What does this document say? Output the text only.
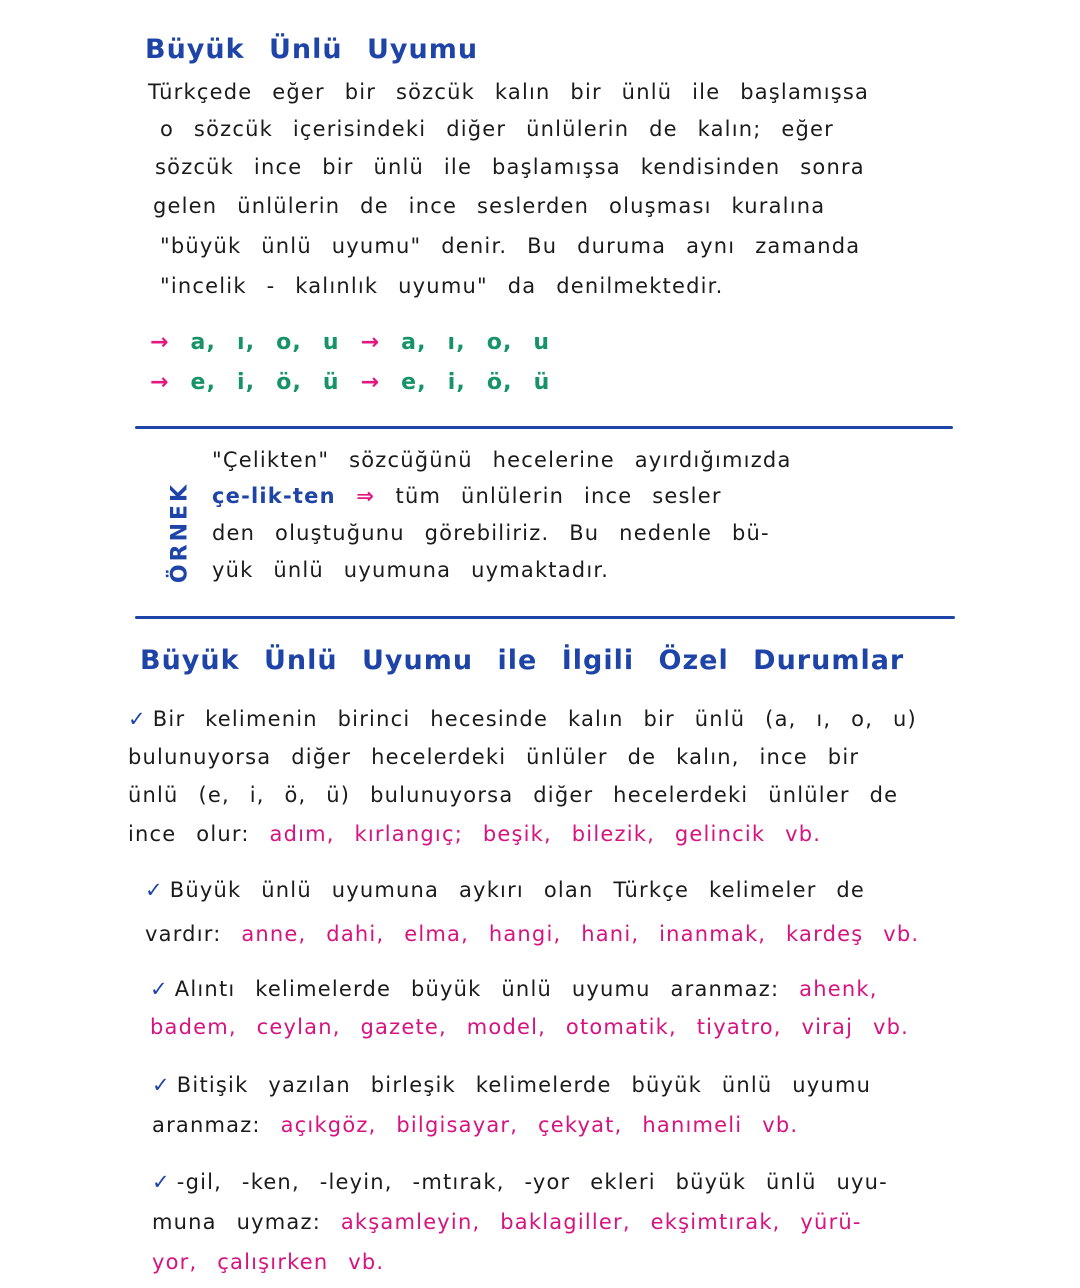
Büyük Ünlü Uyumu
Türkçede eğer bir sözcük kalın bir ünlü ile başlamışsa
o sözcük içerisindeki diğer ünlülerin de kalın; eğer
sözcük ince bir ünlü ile başlamışsa kendisinden sonra
gelen ünlülerin de ince seslerden oluşması kuralına
"büyük ünlü uyumu" denir. Bu duruma aynı zamanda
"incelik - kalınlık uyumu" da denilmektedir.
→ a, ı, o, u → a, ı, o, u
→ e, i, ö, ü → e, i, ö, ü
ÖRNEK
"Çelikten" sözcüğünü hecelerine ayırdığımızda
çe-lik-ten ⇒ tüm ünlülerin ince sesler
den oluştuğunu görebiliriz. Bu nedenle bü-
yük ünlü uyumuna uymaktadır.
Büyük Ünlü Uyumu ile İlgili Özel Durumlar
✓ Bir kelimenin birinci hecesinde kalın bir ünlü (a, ı, o, u)
bulunuyorsa diğer hecelerdeki ünlüler de kalın, ince bir
ünlü (e, i, ö, ü) bulunuyorsa diğer hecelerdeki ünlüler de
ince olur: adım, kırlangıç; beşik, bilezik, gelincik vb.
✓ Büyük ünlü uyumuna aykırı olan Türkçe kelimeler de
vardır: anne, dahi, elma, hangi, hani, inanmak, kardeş vb.
✓ Alıntı kelimelerde büyük ünlü uyumu aranmaz: ahenk,
badem, ceylan, gazete, model, otomatik, tiyatro, viraj vb.
✓ Bitişik yazılan birleşik kelimelerde büyük ünlü uyumu
aranmaz: açıkgöz, bilgisayar, çekyat, hanımeli vb.
✓ -gil, -ken, -leyin, -mtırak, -yor ekleri büyük ünlü uyu-
muna uymaz: akşamleyin, baklagiller, ekşimtırak, yürü-
yor, çalışırken vb.
